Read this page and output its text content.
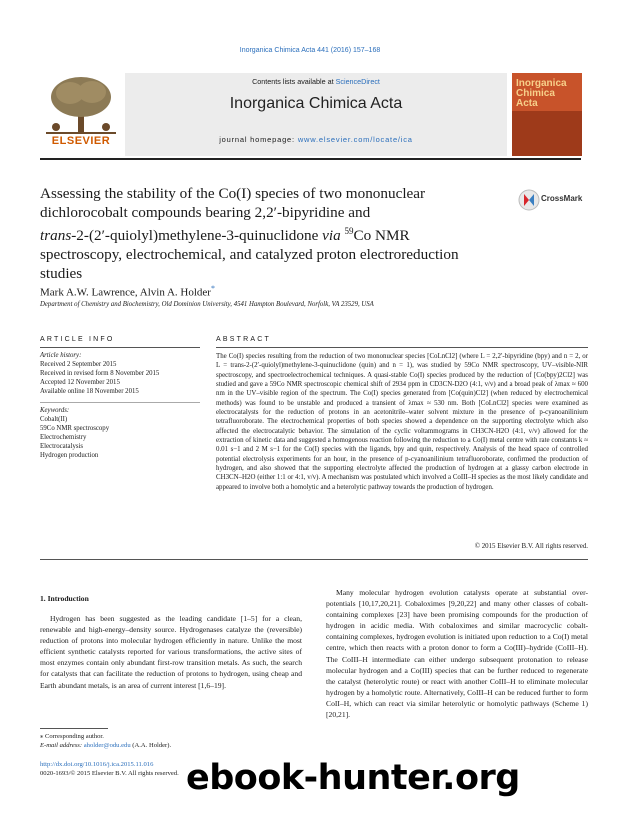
Inorganica Chimica Acta 441 (2016) 157–168
ELSEVIER
Contents lists available at ScienceDirect
Inorganica Chimica Acta
journal homepage: www.elsevier.com/locate/ica
Inorganica Chimica Acta
Assessing the stability of the Co(I) species of two mononuclear
dichlorocobalt compounds bearing 2,2′-bipyridine and
trans-2-(2′-quiolyl)methylene-3-quinuclidone via $^{59}$Co NMR
spectroscopy, electrochemical, and catalyzed proton electroreduction
studies
CrossMark
Mark A.W. Lawrence, Alvin A. Holder*
Department of Chemistry and Biochemistry, Old Dominion University, 4541 Hampton Boulevard, Norfolk, VA 23529, USA
ARTICLE INFO
Article history:
Received 2 September 2015
Received in revised form 8 November 2015
Accepted 12 November 2015
Available online 18 November 2015
Keywords:
Cobalt(II)
59Co NMR spectroscopy
Electrochemistry
Electrocatalysis
Hydrogen production
ABSTRACT
The Co(I) species resulting from the reduction of two mononuclear species [CoLnCl2] (where L = 2,2′-bipyridine (bpy) and n = 2, or L = trans-2-(2′-quiolyl)methylene-3-quinuclidone (quin) and n = 1), was studied by 59Co NMR spectroscopy, UV–visible-NIR spectroscopy, and spectroelectrochemical techniques. A quasi-stable Co(I) species produced by the reduction of [Co(bpy)2Cl2] was studied and gave a 59Co NMR spectroscopic chemical shift of 2934 ppm in CD3CN-D2O (4:1, v/v) and a broad peak of λmax ≈ 600 nm in the UV–visible region of the spectrum. The Co(I) species generated from [Co(quin)Cl2] (when reduced by electrochemical methods) was found to be unstable and produced a transient of λmax ≈ 530 nm. Both [CoLnCl2] species were examined as electrocatalysts for the reduction of protons in an acetonitrile–water solvent mixture in the presence of p-cyanoanilinium tetrafluoroborate. The electrochemical properties of both species showed a dependence on the supporting electrolyte which also affected the electrocatalytic behavior. The simulation of the cyclic voltammograms in CH3CN-H2O (4:1, v/v) allowed for the extraction of kinetic data and suggested a homogenous reaction following the reduction to a Co(I) metal centre with rate constants k ≈ 0.01 s−1 and 2 M s−1 for the Co(I) species with the ligands, bpy and quin, respectively. Analysis of the head space of controlled potential electrolysis experiments for an hour, in the presence of p-cyanoanilinium tetrafluoroborate, confirmed the production of hydrogen, and also showed that the supporting electrolyte affected the production of hydrogen at a glassy carbon electrode in CH3CN–H2O (either 1:1 or 4:1, v/v). A mechanism was postulated which involved a CoIII–H species as the most likely candidate and appeared to involve both a homolytic and a heterolytic pathway towards the production of hydrogen.
© 2015 Elsevier B.V. All rights reserved.
1. Introduction
Hydrogen has been suggested as the leading candidate [1–5] for a clean, renewable and high-energy–density source. Hydrogenases catalyze the (reversible) reduction of protons into molecular hydrogen efficiently in nature. Unlike the most efficient synthetic catalysts reported for various transformations, the active sites of most enzymes contain only abundant first-row transition metals. As such, the search for catalysts that can facilitate the reduction of protons to hydrogen, using cheap and Earth abundant metals, is an area of current interest [1,6–19].
Many molecular hydrogen evolution catalysts operate at substantial over-potentials [10,17,20,21]. Cobaloximes [9,20,22] and many other classes of cobalt-containing complexes [23] have been promising compounds for the production of hydrogen in acidic media. With cobaloximes and similar macrocyclic cobalt-containing complexes, hydrogen evolution is initiated upon reduction to a Co(I) metal centre, which then reacts with a proton donor to form a Co(III)–hydride (CoIII–H). The CoIII–H intermediate can either undergo subsequent protonation to release molecular hydrogen and a Co(III) species that can be further reduced to regenerate the catalyst (heterolytic route) or react with another CoIII–H to eliminate molecular hydrogen by a homolytic route. Alternatively, CoIII–H can be reduced further to form CoII–H, which can react via similar heterolytic or homolytic pathways (Scheme 1) [20,21].
⁎ Corresponding author.
E-mail address: aholder@odu.edu (A.A. Holder).
http://dx.doi.org/10.1016/j.ica.2015.11.016
0020-1693/© 2015 Elsevier B.V. All rights reserved. ebook-hunter.org
